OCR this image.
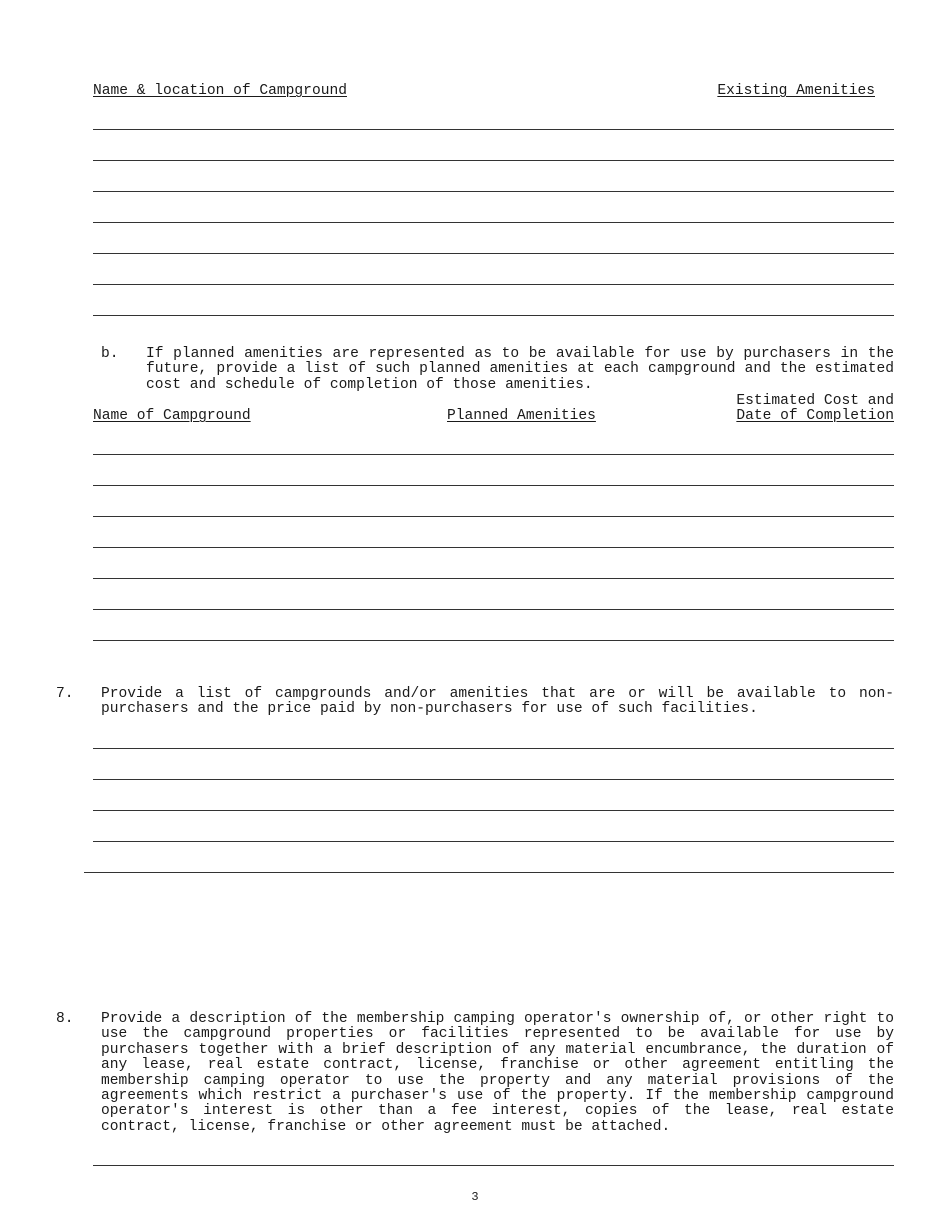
Name & location of Campground	Existing Amenities
b. If planned amenities are represented as to be available for use by purchasers in the future, provide a list of such planned amenities at each campground and the estimated cost and schedule of completion of those amenities.
Name of Campground	Planned Amenities
Estimated Cost and
Date of Completion
7. Provide a list of campgrounds and/or amenities that are or will be available to non-purchasers and the price paid by non-purchasers for use of such facilities.
8. Provide a description of the membership camping operator's ownership of, or other right to use the campground properties or facilities represented to be available for use by purchasers together with a brief description of any material encumbrance, the duration of any lease, real estate contract, license, franchise or other agreement entitling the membership camping operator to use the property and any material provisions of the agreements which restrict a purchaser's use of the property. If the membership campground operator's interest is other than a fee interest, copies of the lease, real estate contract, license, franchise or other agreement must be attached.
3
